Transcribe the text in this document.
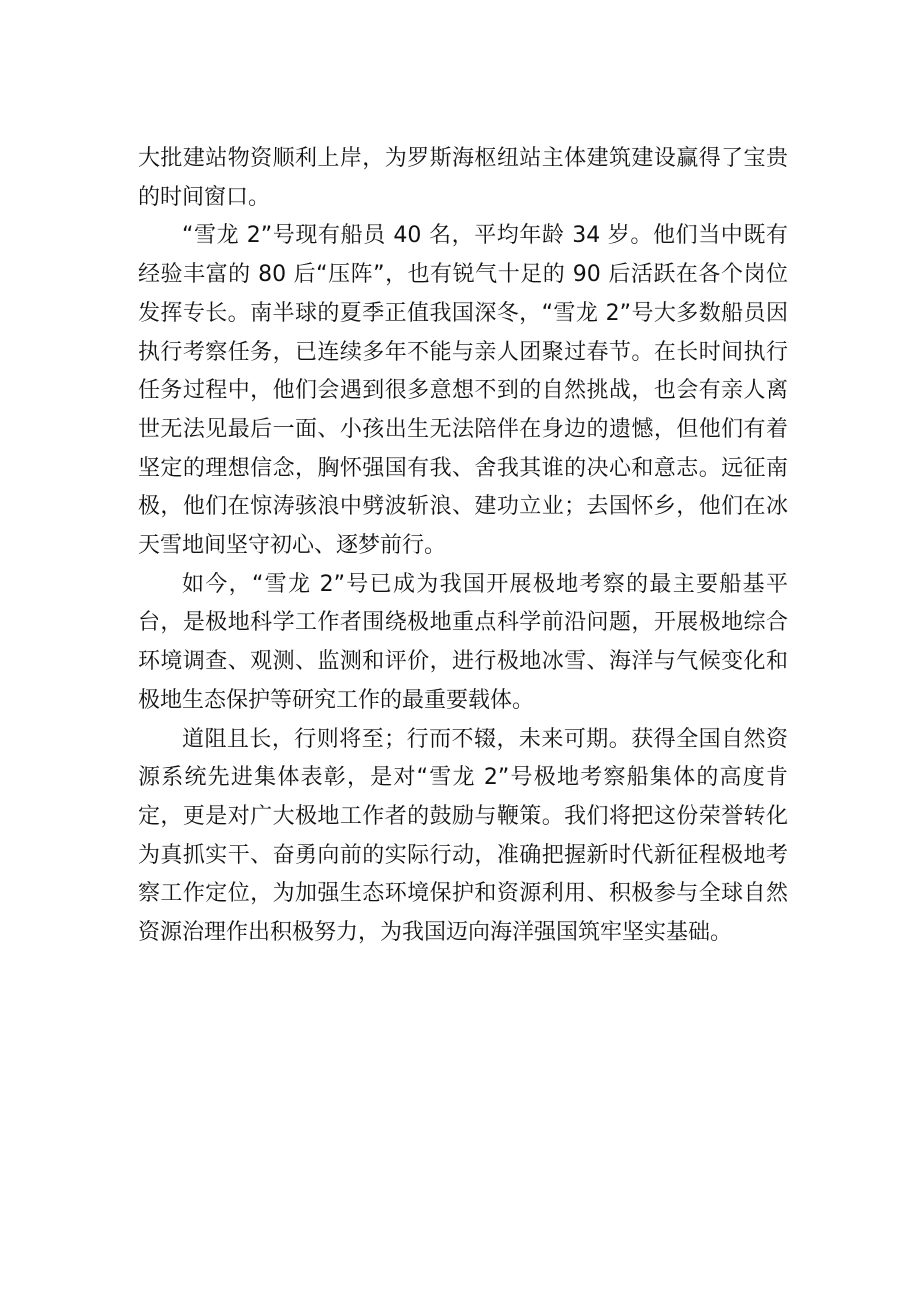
大批建站物资顺利上岸，为罗斯海枢纽站主体建筑建设赢得了宝贵的时间窗口。

“雪龙 2”号现有船员 40 名，平均年龄 34 岁。他们当中既有经验丰富的 80 后“压阵”，也有锐气十足的 90 后活跃在各个岗位发挥专长。南半球的夏季正值我国深冬，“雪龙 2”号大多数船员因执行考察任务，已连续多年不能与亲人团聚过春节。在长时间执行任务过程中，他们会遇到很多意想不到的自然挑战，也会有亲人离世无法见最后一面、小孩出生无法陪伴在身边的遗憾，但他们有着坚定的理想信念，胸怀强国有我、舍我其谁的决心和意志。远征南极，他们在惊涛骇浪中劈波斩浪、建功立业；去国怀乡，他们在冰天雪地间坚守初心、逐梦前行。

如今，“雪龙 2”号已成为我国开展极地考察的最主要船基平台，是极地科学工作者围绕极地重点科学前沿问题，开展极地综合环境调查、观测、监测和评价，进行极地冰雪、海洋与气候变化和极地生态保护等研究工作的最重要载体。

道阻且长，行则将至；行而不辍，未来可期。获得全国自然资源系统先进集体表彰，是对“雪龙 2”号极地考察船集体的高度肯定，更是对广大极地工作者的鼓励与鞭策。我们将把这份荣誉转化为真抓实干、奋勇向前的实际行动，准确把握新时代新征程极地考察工作定位，为加强生态环境保护和资源利用、积极参与全球自然资源治理作出积极努力，为我国迈向海洋强国筑牢坚实基础。
